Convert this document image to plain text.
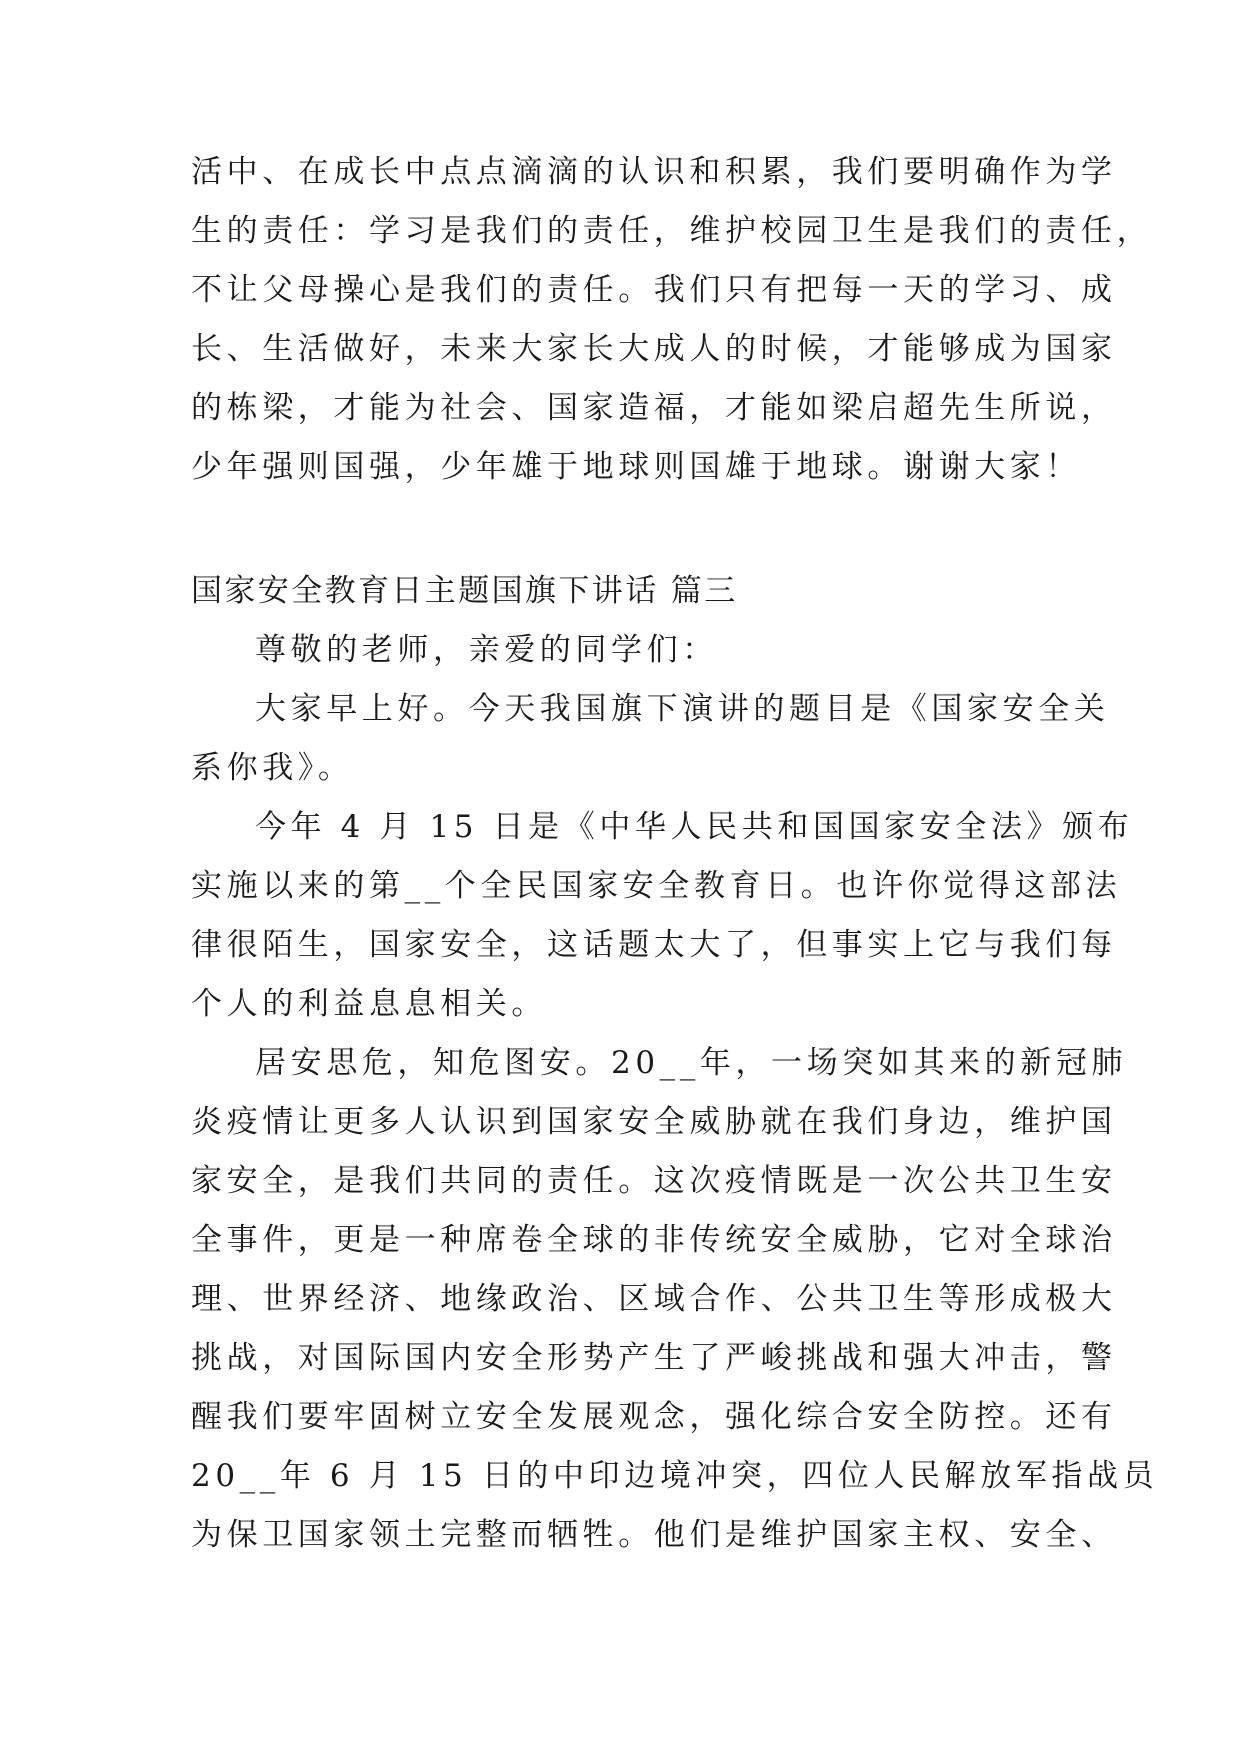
活中、在成长中点点滴滴的认识和积累，我们要明确作为学
生的责任：学习是我们的责任，维护校园卫生是我们的责任，
不让父母操心是我们的责任。我们只有把每一天的学习、成
长、生活做好，未来大家长大成人的时候，才能够成为国家
的栋梁，才能为社会、国家造福，才能如梁启超先生所说，
少年强则国强，少年雄于地球则国雄于地球。谢谢大家！
国家安全教育日主题国旗下讲话 篇三
尊敬的老师，亲爱的同学们：
大家早上好。今天我国旗下演讲的题目是《国家安全关
系你我》。
今年 4 月 15 日是《中华人民共和国国家安全法》颁布
实施以来的第__个全民国家安全教育日。也许你觉得这部法
律很陌生，国家安全，这话题太大了，但事实上它与我们每
个人的利益息息相关。
居安思危，知危图安。20__年，一场突如其来的新冠肺
炎疫情让更多人认识到国家安全威胁就在我们身边，维护国
家安全，是我们共同的责任。这次疫情既是一次公共卫生安
全事件，更是一种席卷全球的非传统安全威胁，它对全球治
理、世界经济、地缘政治、区域合作、公共卫生等形成极大
挑战，对国际国内安全形势产生了严峻挑战和强大冲击，警
醒我们要牢固树立安全发展观念，强化综合安全防控。还有
20__年 6 月 15 日的中印边境冲突，四位人民解放军指战员
为保卫国家领土完整而牺牲。他们是维护国家主权、安全、
